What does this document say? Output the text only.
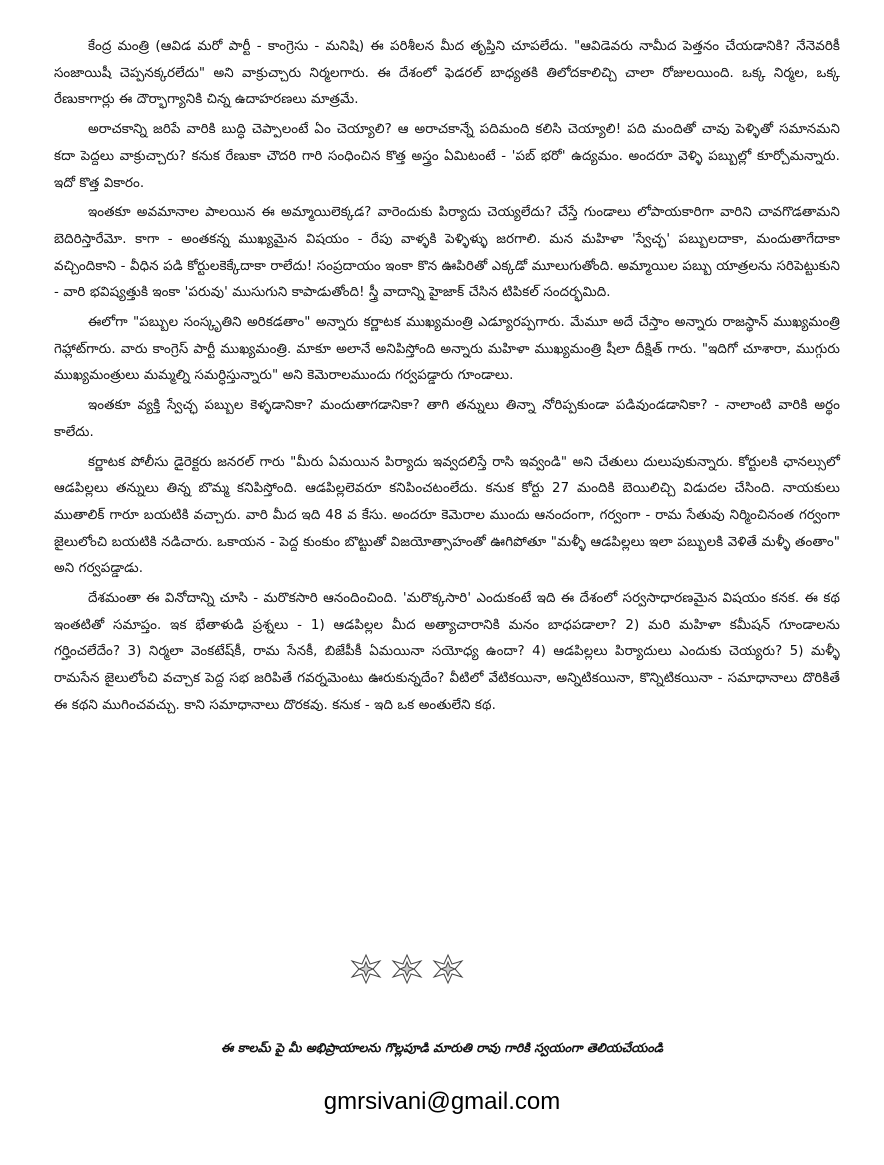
కేంద్ర మంత్రి (ఆవిడ మరో పార్టీ - కాంగ్రెసు - మనిషి) ఈ పరిశీలన మీద తృప్తిని చూపలేదు. "ఆవిడెవరు నామీద పెత్తనం చేయడానికి? నేనెవరికీ సంజాయిషీ చెప్పనక్కరలేదు" అని వాక్రుచ్చారు నిర్మలగారు. ఈ దేశంలో ఫెడరల్ బాధ్యతకి తిలోదకాలిచ్చి చాలా రోజులయింది. ఒక్క నిర్మల, ఒక్క రేణుకాగార్లు ఈ దౌర్భాగ్యానికి చిన్న ఉదాహరణలు మాత్రమే.

అరాచకాన్ని జరిపే వారికి బుద్ధి చెప్పాలంటే ఏం చెయ్యాలి? ఆ అరాచకాన్నే పదిమంది కలిసి చెయ్యాలి! పది మందితో చావు పెళ్ళితో సమానమని కదా పెద్దలు వాక్రుచ్చారు? కనుక రేణుకా చౌదరి గారి సంధించిన కొత్త అస్త్రం ఏమిటంటే - 'పబ్ భరో' ఉద్యమం. అందరూ వెళ్ళి పబ్బుల్లో కూర్చోమన్నారు. ఇదో కొత్త వికారం.

ఇంతకూ అవమానాల పాలయిన ఈ అమ్మాయిలెక్కడ? వారెందుకు పిర్యాదు చెయ్యలేదు? చేస్తే గుండాలు లోపాయకారిగా వారిని చావగొడతామని బెదిరిస్తారేమో. కాగా - అంతకన్న ముఖ్యమైన విషయం - రేపు వాళ్ళకి పెళ్ళిళ్ళు జరగాలి. మన మహిళా 'స్వేచ్ఛ' పబ్బులదాకా, మందుతాగేదాకా వచ్చిందికాని - వీధిన పడి కోర్టులకెక్కేదాకా రాలేదు! సంప్రదాయం ఇంకా కొన ఊపిరితో ఎక్కడో మూలుగుతోంది. అమ్మాయిల పబ్బు యాత్రలను సరిపెట్టుకుని - వారి భవిష్యత్తుకి ఇంకా 'పరువు' ముసుగుని కాపాడుతోంది! స్త్రీ వాదాన్ని హైజాక్ చేసిన టిపికల్ సందర్భమిది.

ఈలోగా "పబ్బుల సంస్కృతిని అరికడతాం" అన్నారు కర్ణాటక ముఖ్యమంత్రి ఎడ్యూరప్పగారు. మేమూ అదే చేస్తాం అన్నారు రాజస్థాన్ ముఖ్యమంత్రి గెహ్లాట్‌గారు. వారు కాంగ్రెస్ పార్టీ ముఖ్యమంత్రి. మాకూ అలానే అనిపిస్తోంది అన్నారు మహిళా ముఖ్యమంత్రి షీలా దీక్షిత్ గారు. "ఇదిగో చూశారా, ముగ్గురు ముఖ్యమంత్రులు మమ్మల్ని సమర్ధిస్తున్నారు" అని కెమెరాలముందు గర్వపడ్డారు గూండాలు.

ఇంతకూ వ్యక్తి స్వేచ్ఛ పబ్బుల కెళ్ళడానికా? మందుతాగడానికా? తాగి తన్నులు తిన్నా నోరిప్పకుండా పడివుండడానికా? - నాలాంటి వారికి అర్థం కాలేదు.

కర్ణాటక పోలీసు డైరెక్టరు జనరల్ గారు "మీరు ఏమయిన పిర్యాదు ఇవ్వదలిస్తే రాసి ఇవ్వండి" అని చేతులు దులుపుకున్నారు. కోర్టులకి ఛానల్సులో ఆడపిల్లలు తన్నులు తిన్న బొమ్మ కనిపిస్తోంది. ఆడపిల్లలెవరూ కనిపించటంలేదు. కనుక కోర్టు 27 మందికి బెయిలిచ్చి విడుదల చేసింది. నాయకులు ముతాలిక్ గారూ బయటికి వచ్చారు. వారి మీద ఇది 48 వ కేసు. అందరూ కెమెరాల ముందు ఆనందంగా, గర్వంగా - రామ సేతువు నిర్మించినంత గర్వంగా జైలులోంచి బయటికి నడిచారు. ఒకాయన - పెద్ద కుంకుం బొట్టుతో విజయోత్సాహంతో ఊగిపోతూ "మళ్ళీ ఆడపిల్లలు ఇలా పబ్బులకి వెళితే మళ్ళీ తంతాం" అని గర్వపడ్డాడు.

దేశమంతా ఈ వినోదాన్ని చూసి - మరొకసారి ఆనందించింది. 'మరొక్కసారి' ఎందుకంటే ఇది ఈ దేశంలో సర్వసాధారణమైన విషయం కనక. ఈ కథ ఇంతటితో సమాప్తం. ఇక భేతాళుడి ప్రశ్నలు - 1) ఆడపిల్లల మీద అత్యాచారానికి మనం బాధపడాలా? 2) మరి మహిళా కమీషన్ గూండాలను గర్హించలేదేం? 3) నిర్మలా వెంకటేష్‌కీ, రామ సేనకీ, బిజేపీకీ ఏమయినా సయోధ్య ఉందా? 4) ఆడపిల్లలు పిర్యాదులు ఎందుకు చెయ్యరు? 5) మళ్ళీ రామసేన జైలులోంచి వచ్చాక పెద్ద సభ జరిపితే గవర్నమెంటు ఊరుకున్నదేం? వీటిలో వేటికయినా, అన్నిటికయినా, కొన్నిటికయినా - సమాధానాలు దొరికితే ఈ కథని ముగించవచ్చు. కాని సమాధానాలు దొరకవు. కనుక - ఇది ఒక అంతులేని కథ.

ఈ కాలమ్ పై మీ అభిప్రాయాలను గొల్లపూడి మారుతి రావు గారికి స్వయంగా తెలియచేయండి
gmrsivani@gmail.com
